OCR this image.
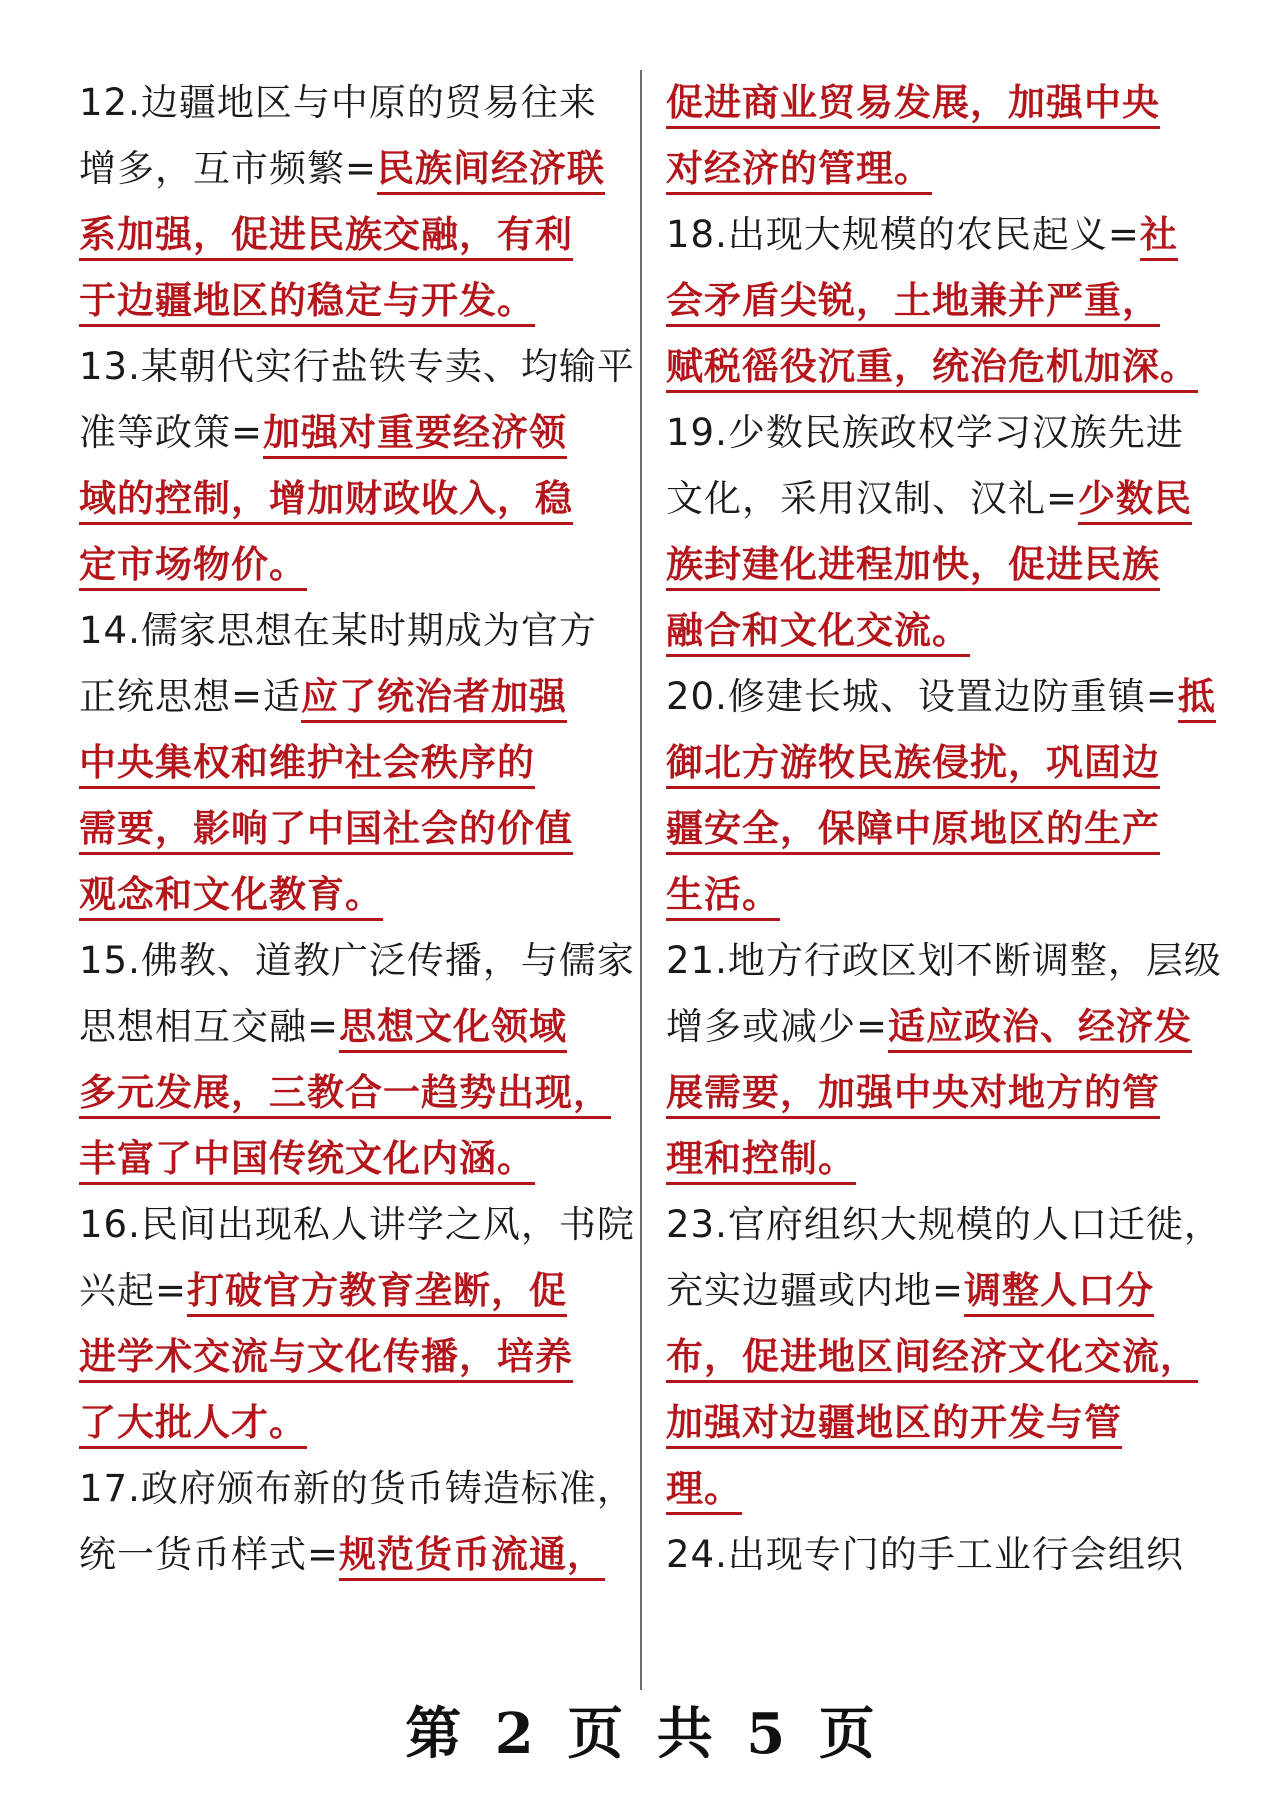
12.边疆地区与中原的贸易往来
增多，互市频繁=民族间经济联
系加强，促进民族交融，有利
于边疆地区的稳定与开发。
13.某朝代实行盐铁专卖、均输平
准等政策=加强对重要经济领
域的控制，增加财政收入，稳
定市场物价。
14.儒家思想在某时期成为官方
正统思想=适应了统治者加强
中央集权和维护社会秩序的
需要，影响了中国社会的价值
观念和文化教育。
15.佛教、道教广泛传播，与儒家
思想相互交融=思想文化领域
多元发展，三教合一趋势出现，
丰富了中国传统文化内涵。
16.民间出现私人讲学之风，书院
兴起=打破官方教育垄断，促
进学术交流与文化传播，培养
了大批人才。
17.政府颁布新的货币铸造标准，
统一货币样式=规范货币流通，
促进商业贸易发展，加强中央
对经济的管理。
18.出现大规模的农民起义=社
会矛盾尖锐，土地兼并严重，
赋税徭役沉重，统治危机加深。
19.少数民族政权学习汉族先进
文化，采用汉制、汉礼=少数民
族封建化进程加快，促进民族
融合和文化交流。
20.修建长城、设置边防重镇=抵
御北方游牧民族侵扰，巩固边
疆安全，保障中原地区的生产
生活。
21.地方行政区划不断调整，层级
增多或减少=适应政治、经济发
展需要，加强中央对地方的管
理和控制。
23.官府组织大规模的人口迁徙，
充实边疆或内地=调整人口分
布，促进地区间经济文化交流，
加强对边疆地区的开发与管
理。
24.出现专门的手工业行会组织
第 2 页 共 5 页
